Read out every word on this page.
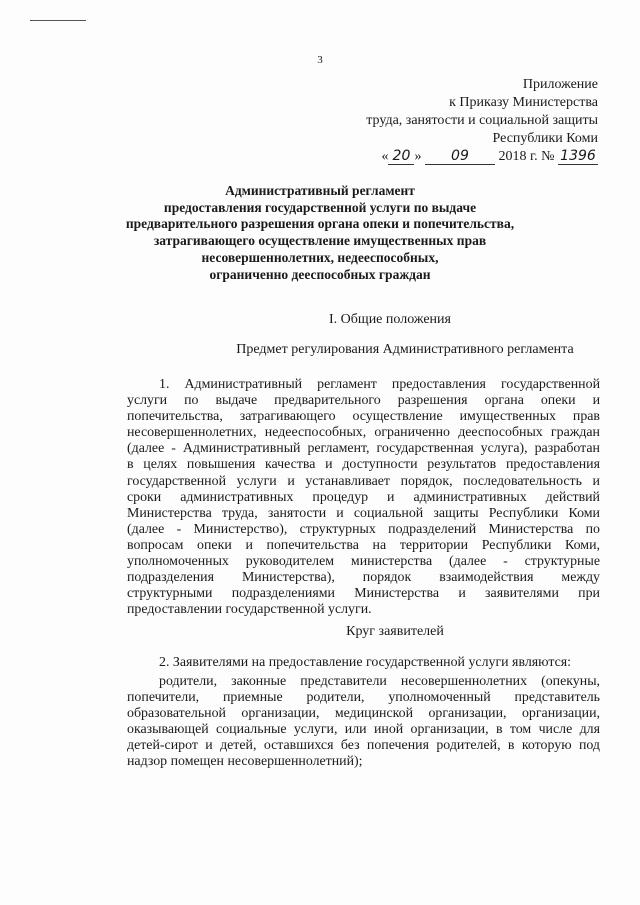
3
Приложение
к Приказу Министерства
труда, занятости и социальной защиты
Республики Коми
« 20 » 09 2018 г. № 1396
Административный регламент
предоставления государственной услуги по выдаче
предварительного разрешения органа опеки и попечительства,
затрагивающего осуществление имущественных прав
несовершеннолетних, недееспособных,
ограниченно дееспособных граждан
I. Общие положения
Предмет регулирования Административного регламента
1. Административный регламент предоставления государственной
услуги по выдаче предварительного разрешения органа опеки и
попечительства, затрагивающего осуществление имущественных прав
несовершеннолетних, недееспособных, ограниченно дееспособных граждан
(далее - Административный регламент, государственная услуга), разработан
в целях повышения качества и доступности результатов предоставления
государственной услуги и устанавливает порядок, последовательность и
сроки административных процедур и административных действий
Министерства труда, занятости и социальной защиты Республики Коми
(далее - Министерство), структурных подразделений Министерства по
вопросам опеки и попечительства на территории Республики Коми,
уполномоченных руководителем министерства (далее - структурные
подразделения Министерства), порядок взаимодействия между
структурными подразделениями Министерства и заявителями при
предоставлении государственной услуги.
Круг заявителей
2. Заявителями на предоставление государственной услуги являются:
родители, законные представители несовершеннолетних (опекуны,
попечители, приемные родители, уполномоченный представитель
образовательной организации, медицинской организации, организации,
оказывающей социальные услуги, или иной организации, в том числе для
детей-сирот и детей, оставшихся без попечения родителей, в которую под
надзор помещен несовершеннолетний);
